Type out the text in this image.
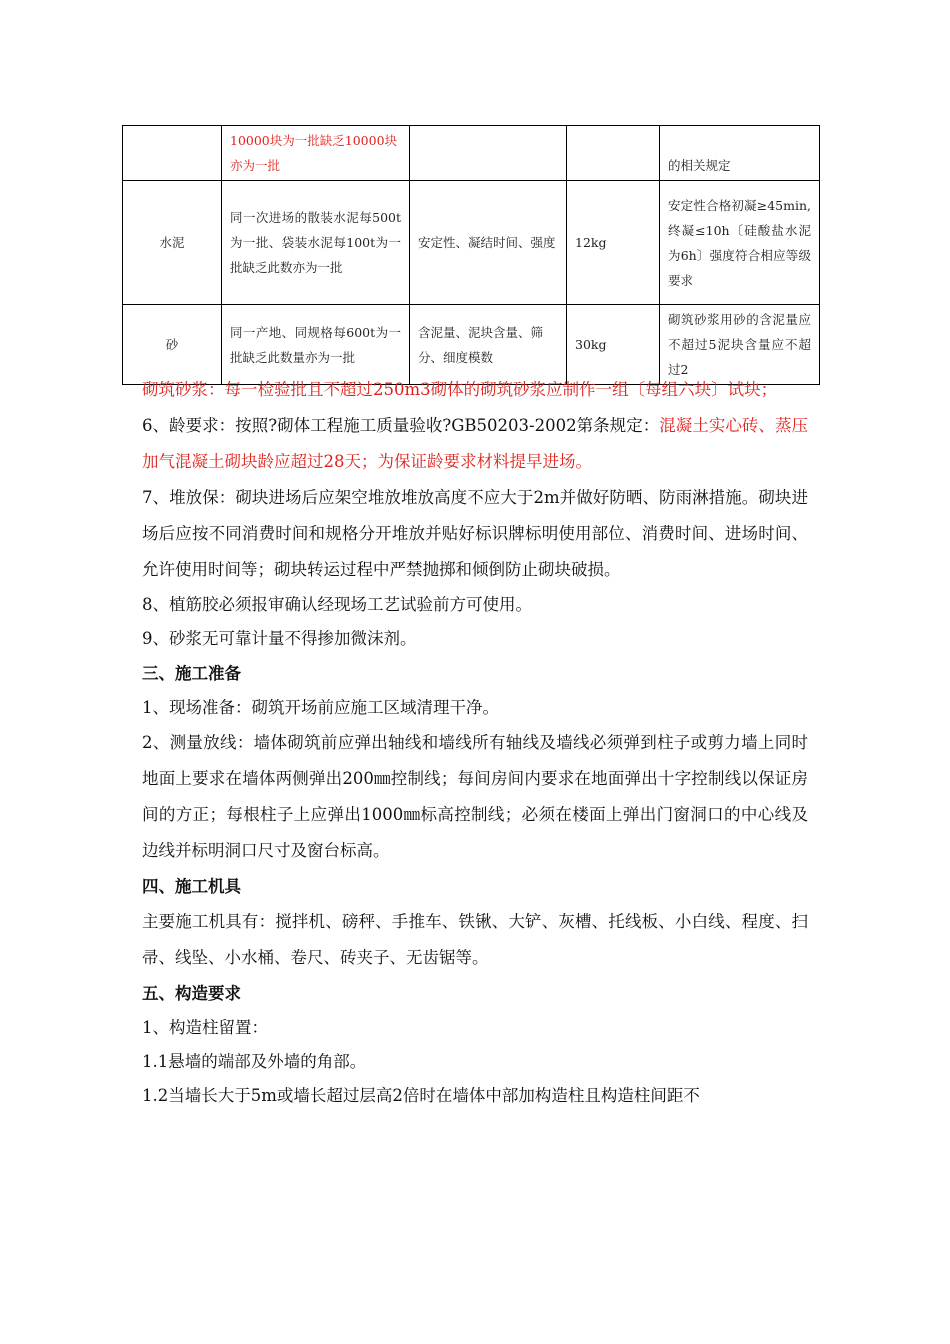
	10000块为一批缺乏10000块亦为一批			的相关规定
水泥	同一次进场的散装水泥每500t为一批、袋装水泥每100t为一批缺乏此数亦为一批	安定性、凝结时间、强度	12kg	安定性合格初凝≥45min,终凝≤10h〔硅酸盐水泥为6h〕强度符合相应等级要求
砂	同一产地、同规格每600t为一批缺乏此数量亦为一批	含泥量、泥块含量、筛分、细度模数	30kg	砌筑砂浆用砂的含泥量应不超过5泥块含量应不超过2

砌筑砂浆：每一检验批且不超过250m3砌体的砌筑砂浆应制作一组〔每组六块〕试块；

6、龄要求：按照?砌体工程施工质量验收?GB50203-2002第条规定：混凝土实心砖、蒸压加气混凝土砌块龄应超过28天；为保证龄要求材料提早进场。

7、堆放保：砌块进场后应架空堆放堆放高度不应大于2m并做好防晒、防雨淋措施。砌块进场后应按不同消费时间和规格分开堆放并贴好标识牌标明使用部位、消费时间、进场时间、允许使用时间等；砌块转运过程中严禁抛掷和倾倒防止砌块破损。

8、植筋胶必须报审确认经现场工艺试验前方可使用。

9、砂浆无可靠计量不得掺加微沫剂。

三、施工准备

1、现场准备：砌筑开场前应施工区域清理干净。

2、测量放线：墙体砌筑前应弹出轴线和墙线所有轴线及墙线必须弹到柱子或剪力墙上同时地面上要求在墙体两侧弹出200㎜控制线；每间房间内要求在地面弹出十字控制线以保证房间的方正；每根柱子上应弹出1000㎜标高控制线；必须在楼面上弹出门窗洞口的中心线及边线并标明洞口尺寸及窗台标高。

四、施工机具

主要施工机具有：搅拌机、磅秤、手推车、铁锹、大铲、灰槽、托线板、小白线、程度、扫帚、线坠、小水桶、卷尺、砖夹子、无齿锯等。

五、构造要求

1、构造柱留置：

1.1悬墙的端部及外墙的角部。

1.2当墙长大于5m或墙长超过层高2倍时在墙体中部加构造柱且构造柱间距不
